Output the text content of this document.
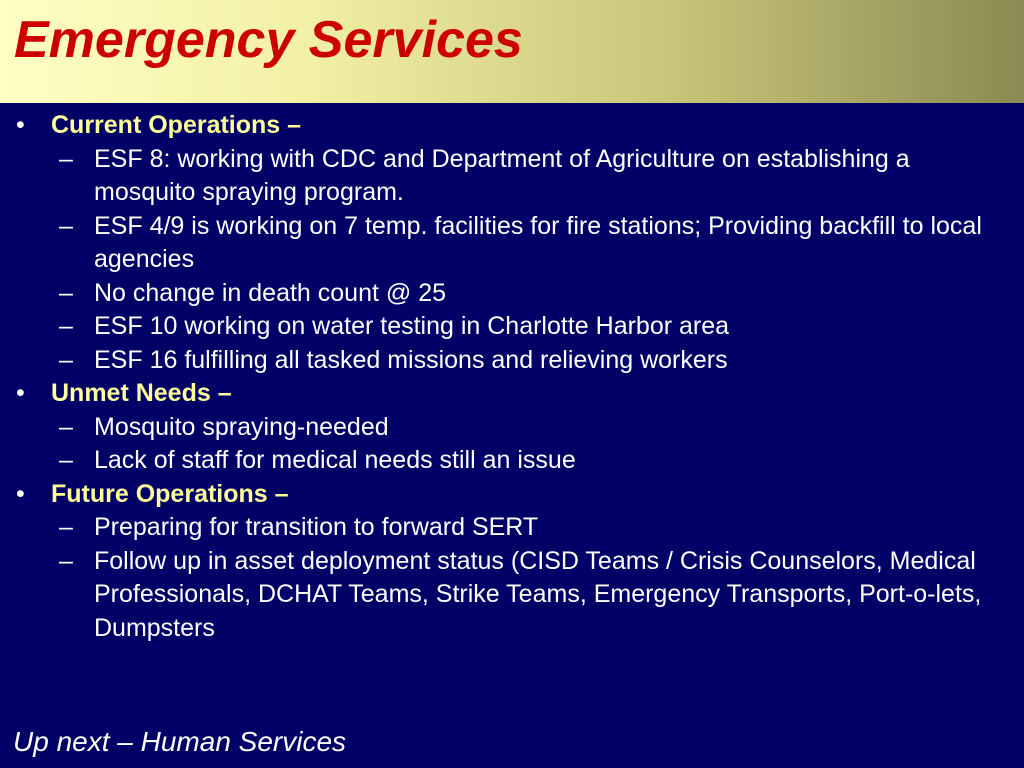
Emergency Services
• Current Operations –
– ESF 8: working with CDC and Department of Agriculture on establishing a mosquito spraying program.
– ESF 4/9 is working on 7 temp. facilities for fire stations; Providing backfill to local agencies
– No change in death count @ 25
– ESF 10 working on water testing in Charlotte Harbor area
– ESF 16 fulfilling all tasked missions and relieving workers
• Unmet Needs –
– Mosquito spraying-needed
– Lack of staff for medical needs still an issue
• Future Operations –
– Preparing for transition to forward SERT
– Follow up in asset deployment status (CISD Teams / Crisis Counselors, Medical Professionals, DCHAT Teams, Strike Teams, Emergency Transports, Port-o-lets, Dumpsters
Up next – Human Services
